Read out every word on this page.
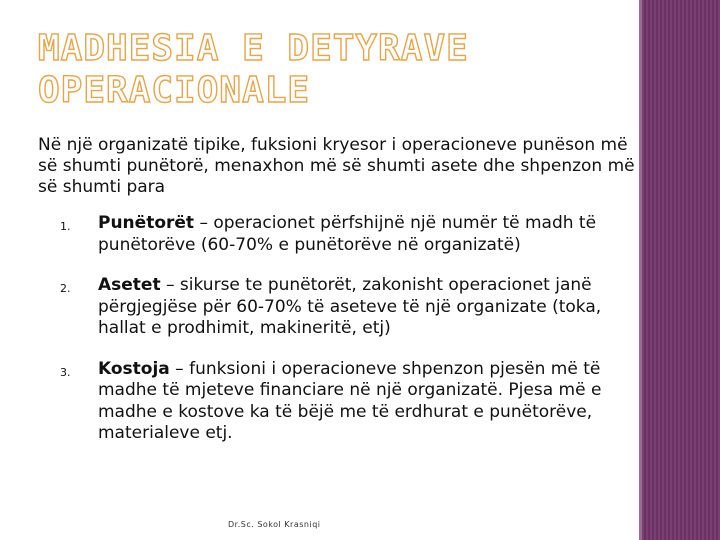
MADHESIA E DETYRAVE
OPERACIONALE
Në një organizatë tipike, fuksioni kryesor i operacioneve punëson më së shumti punëtorë, menaxhon më së shumti asete dhe shpenzon më së shumti para
1. Punëtorët – operacionet përfshijnë një numër të madh të punëtorëve (60-70% e punëtorëve në organizatë)
2. Asetet – sikurse te punëtorët, zakonisht operacionet janë përgjegjëse për 60-70% të aseteve të një organizate (toka, hallat e prodhimit, makineritë, etj)
3. Kostoja – funksioni i operacioneve shpenzon pjesën më të madhe të mjeteve financiare në një organizatë. Pjesa më e madhe e kostove ka të bëjë me të erdhurat e punëtorëve, materialeve etj.
Dr.Sc. Sokol Krasniqi
